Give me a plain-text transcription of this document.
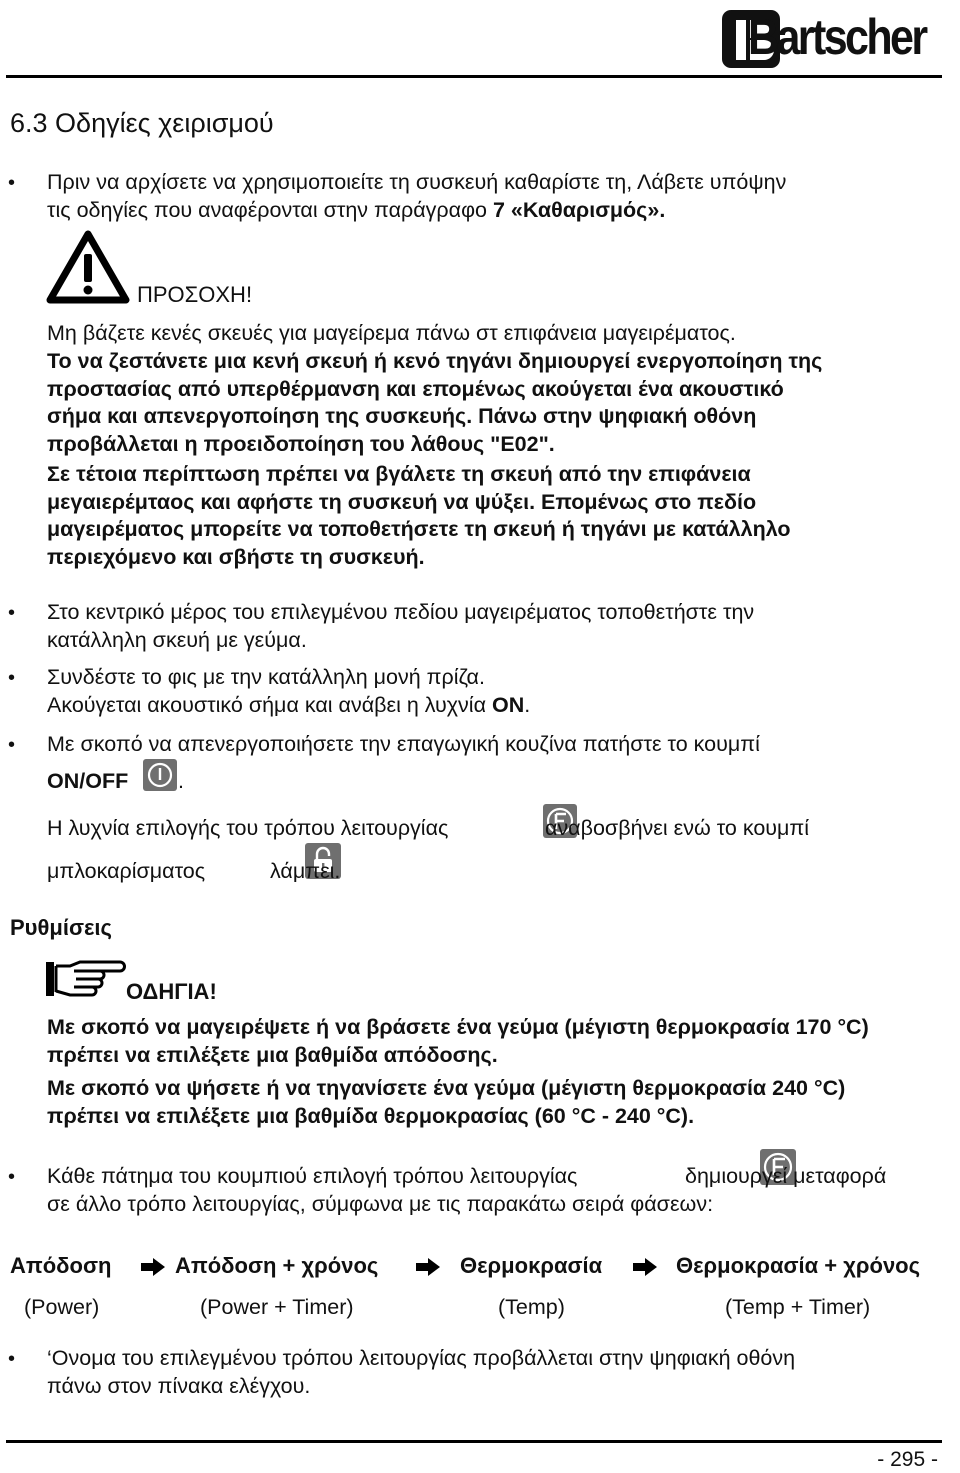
Bartscher
6.3 Οδηγίες χειρισμού
• Πριν να αρχίσετε να χρησιμοποιείτε τη συσκευή καθαρίστε τη, Λάβετε υπόψην
τις οδηγίες που αναφέρονται στην παράγραφο 7 «Καθαρισμός».
ΠΡΟΣΟΧΗ!
Μη βάζετε κενές σκευές για μαγείρεμα πάνω στ επιφάνεια μαγειρέματος.
Το να ζεστάνετε μια κενή σκευή ή κενό τηγάνι δημιουργεί ενεργοποίηση της
προστασίας από υπερθέρμανση και επομένως ακούγεται ένα ακουστικό
σήμα και απενεργοποίηση της συσκευής. Πάνω στην ψηφιακή οθόνη
προβάλλεται η προειδοποίηση του λάθους "E02".
Σε τέτοια περίπτωση πρέπει να βγάλετε τη σκευή από την επιφάνεια
μεγαιερέμταος και αφήστε τη συσκευή να ψύξει. Επομένως στο πεδίο
μαγειρέματος μπορείτε να τοποθετήσετε τη σκευή ή τηγάνι με κατάλληλο
περιεχόμενο και σβήστε τη συσκευή.
• Στο κεντρικό μέρος του επιλεγμένου πεδίου μαγειρέματος τοποθετήστε την
κατάλληλη σκευή με γεύμα.
• Συνδέστε το φις με την κατάλληλη μονή πρίζα.
Ακούγεται ακουστικό σήμα και ανάβει η λυχνία ON.
• Με σκοπό να απενεργοποιήσετε την επαγωγική κουζίνα πατήστε το κουμπί
ON/OFF
.
Η λυχνία επιλογής του τρόπου λειτουργίας
	αναβοσβήνει ενώ το κουμπί
μπλοκαρίσματος
	λάμπει.
Ρυθμίσεις
ΟΔΗΓΙΑ!
Με σκοπό να μαγειρέψετε ή να βράσετε ένα γεύμα (μέγιστη θερμοκρασία 170 °C)
πρέπει να επιλέξετε μια βαθμίδα απόδοσης.
Με σκοπό να ψήσετε ή να τηγανίσετε ένα γεύμα (μέγιστη θερμοκρασία 240 °C)
πρέπει να επιλέξετε μια βαθμίδα θερμοκρασίας (60 °C - 240 °C).
• Κάθε πάτημα του κουμπιού επιλογή τρόπου λειτουργίας	δημιουργεί μεταφορά
σε άλλο τρόπο λειτουργίας, σύμφωνα με τις παρακάτω σειρά φάσεων:
Απόδοση	Απόδοση + χρόνος	Θερμοκρασία	Θερμοκρασία + χρόνος
(Power)	(Power + Timer)	(Temp)	(Temp + Timer)
• ‘Ονομα του επιλεγμένου τρόπου λειτουργίας προβάλλεται στην ψηφιακή οθόνη
πάνω στον πίνακα ελέγχου.
- 295 -
